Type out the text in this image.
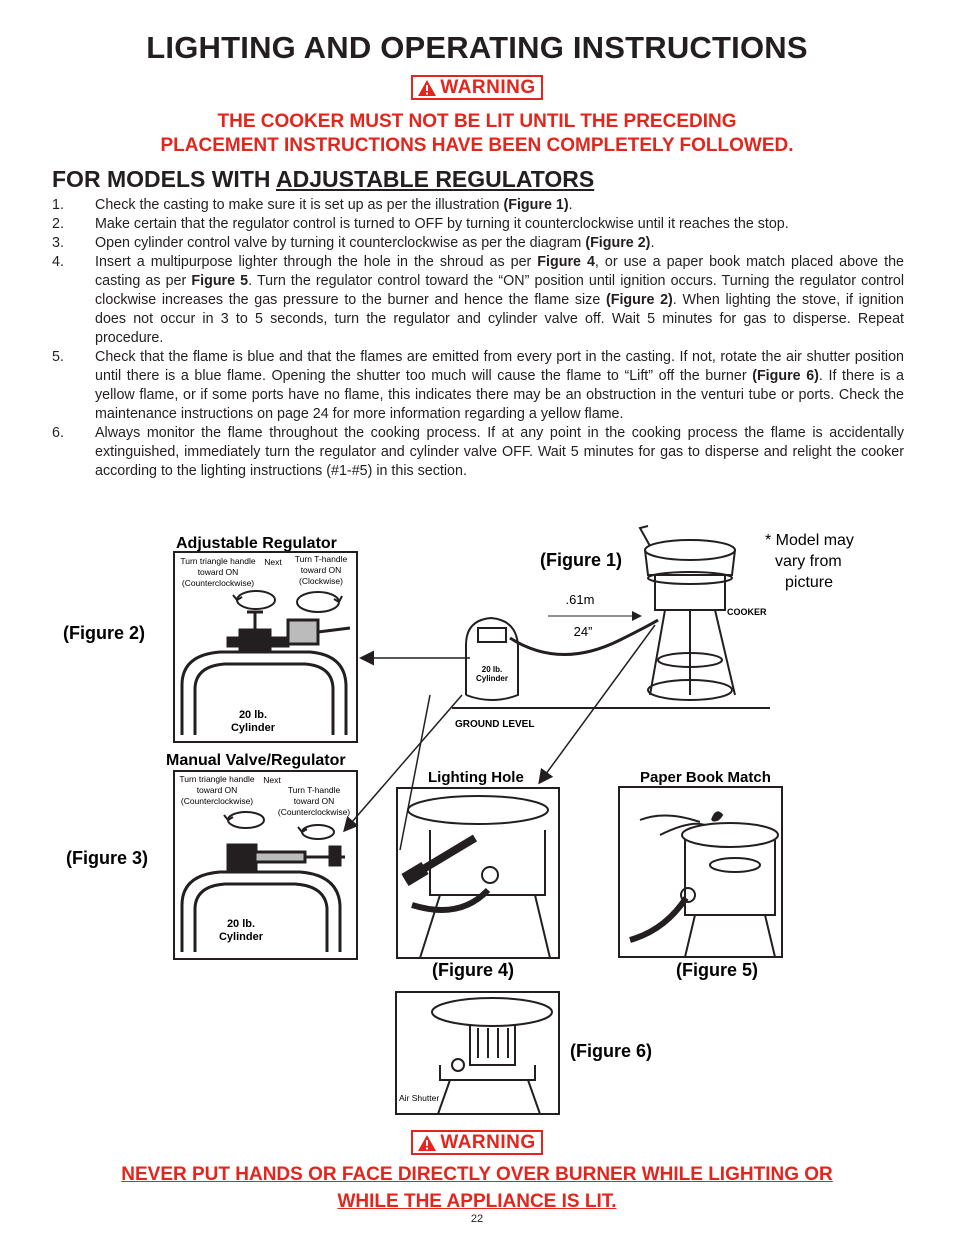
LIGHTING AND OPERATING INSTRUCTIONS
WARNING
THE COOKER MUST NOT BE LIT UNTIL THE PRECEDING
PLACEMENT INSTRUCTIONS HAVE BEEN COMPLETELY FOLLOWED.
FOR MODELS WITH ADJUSTABLE REGULATORS
1. Check the casting to make sure it is set up as per the illustration (Figure 1).
2. Make certain that the regulator control is turned to OFF by turning it counterclockwise until it reaches the stop.
3. Open cylinder control valve by turning it counterclockwise as per the diagram (Figure 2).
4. Insert a multipurpose lighter through the hole in the shroud as per Figure 4, or use a paper book match placed above the casting as per Figure 5. Turn the regulator control toward the “ON” position until ignition occurs. Turning the regulator control clockwise increases the gas pressure to the burner and hence the flame size (Figure 2). When lighting the stove, if ignition does not occur in 3 to 5 seconds, turn the regulator and cylinder valve off. Wait 5 minutes for gas to disperse. Repeat procedure.
5. Check that the flame is blue and that the flames are emitted from every port in the casting. If not, rotate the air shutter position until there is a blue flame. Opening the shutter too much will cause the flame to “Lift” off the burner (Figure 6). If there is a yellow flame, or if some ports have no flame, this indicates there may be an obstruction in the venturi tube or ports. Check the maintenance instructions on page 24 for more information regarding a yellow flame.
6. Always monitor the flame throughout the cooking process. If at any point in the cooking process the flame is accidentally extinguished, immediately turn the regulator and cylinder valve OFF. Wait 5 minutes for gas to disperse and relight the cooker according to the lighting instructions (#1-#5) in this section.
Adjustable Regulator
Turn triangle handle
toward ON
(Counterclockwise)
Next Turn T-handle
toward ON
(Clockwise)
20 lb.
Cylinder
(Figure 2)
Manual Valve/Regulator
Turn triangle handle
toward ON
(Counterclockwise)
Next
Turn T-handle
toward ON
(Counterclockwise)
20 lb.
Cylinder
(Figure 3)
(Figure 1)
* Model may
vary from
picture
.61m
24”
COOKER
20 lb.
Cylinder
GROUND LEVEL
Lighting Hole
(Figure 4)
Paper Book Match
(Figure 5)
Air Shutter
(Figure 6)
WARNING
NEVER PUT HANDS OR FACE DIRECTLY OVER BURNER WHILE LIGHTING OR
WHILE THE APPLIANCE IS LIT.
22
